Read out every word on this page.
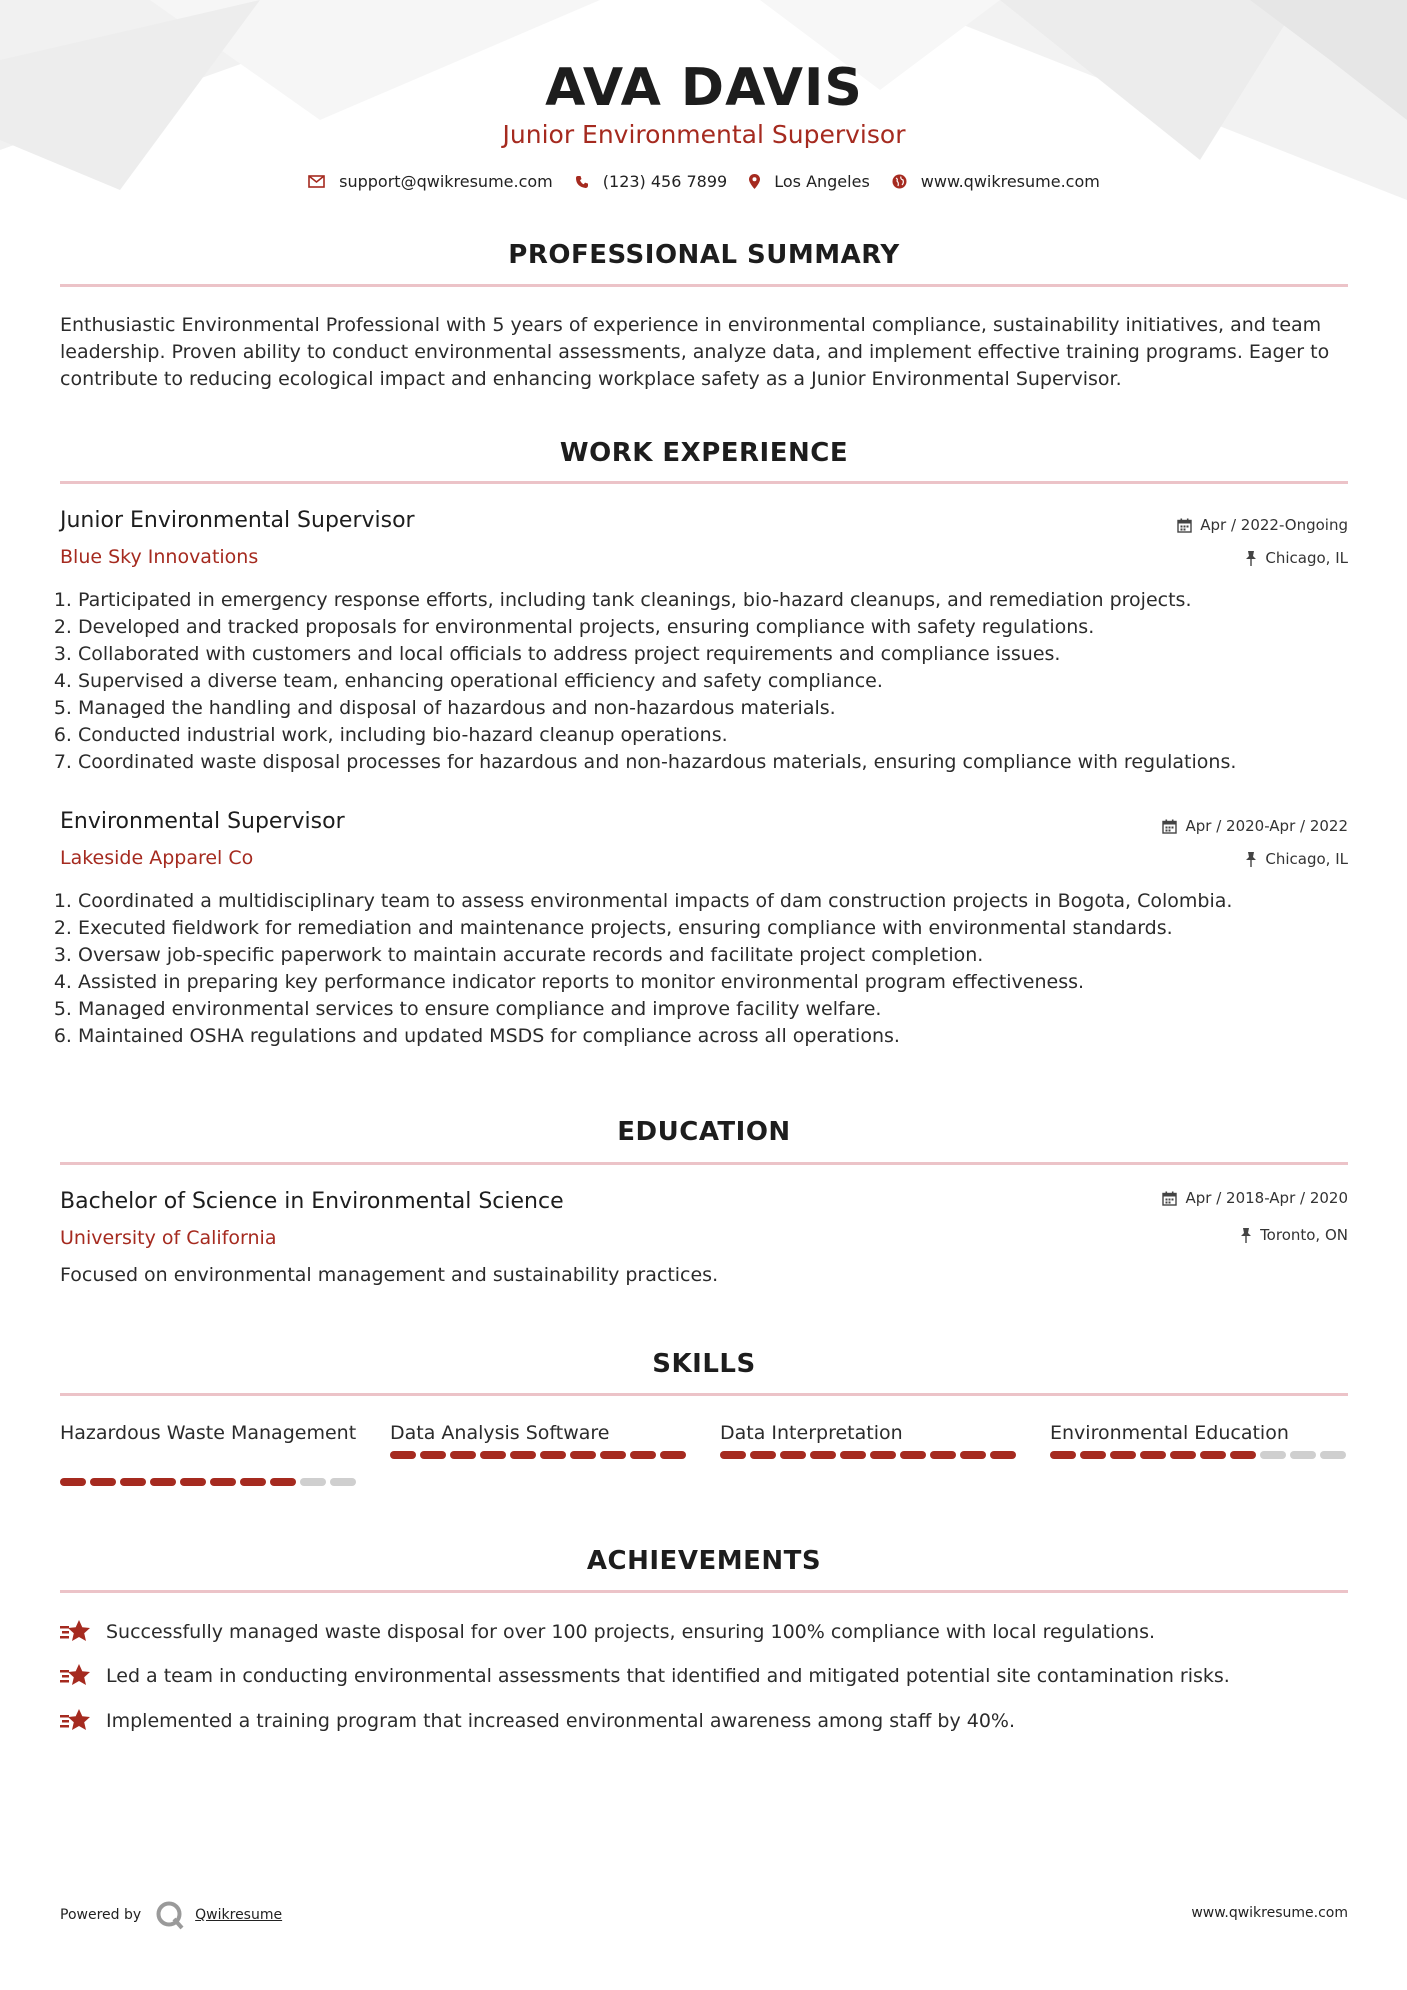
AVA DAVIS
Junior Environmental Supervisor
support@qwikresume.com	(123) 456 7899	Los Angeles	www.qwikresume.com
PROFESSIONAL SUMMARY
Enthusiastic Environmental Professional with 5 years of experience in environmental compliance, sustainability initiatives, and team leadership. Proven ability to conduct environmental assessments, analyze data, and implement effective training programs. Eager to contribute to reducing ecological impact and enhancing workplace safety as a Junior Environmental Supervisor.
WORK EXPERIENCE
Junior Environmental Supervisor	Apr / 2022-Ongoing
Blue Sky Innovations	Chicago, IL
1. Participated in emergency response efforts, including tank cleanings, bio-hazard cleanups, and remediation projects.
2. Developed and tracked proposals for environmental projects, ensuring compliance with safety regulations.
3. Collaborated with customers and local officials to address project requirements and compliance issues.
4. Supervised a diverse team, enhancing operational efficiency and safety compliance.
5. Managed the handling and disposal of hazardous and non-hazardous materials.
6. Conducted industrial work, including bio-hazard cleanup operations.
7. Coordinated waste disposal processes for hazardous and non-hazardous materials, ensuring compliance with regulations.
Environmental Supervisor	Apr / 2020-Apr / 2022
Lakeside Apparel Co	Chicago, IL
1. Coordinated a multidisciplinary team to assess environmental impacts of dam construction projects in Bogota, Colombia.
2. Executed fieldwork for remediation and maintenance projects, ensuring compliance with environmental standards.
3. Oversaw job-specific paperwork to maintain accurate records and facilitate project completion.
4. Assisted in preparing key performance indicator reports to monitor environmental program effectiveness.
5. Managed environmental services to ensure compliance and improve facility welfare.
6. Maintained OSHA regulations and updated MSDS for compliance across all operations.
EDUCATION
Bachelor of Science in Environmental Science	Apr / 2018-Apr / 2020
University of California	Toronto, ON
Focused on environmental management and sustainability practices.
SKILLS
Hazardous Waste Management Data Analysis Software	Data Interpretation	Environmental Education
ACHIEVEMENTS
Successfully managed waste disposal for over 100 projects, ensuring 100% compliance with local regulations.
Led a team in conducting environmental assessments that identified and mitigated potential site contamination risks.
Implemented a training program that increased environmental awareness among staff by 40%.
Powered by	Qwikresume	www.qwikresume.com
